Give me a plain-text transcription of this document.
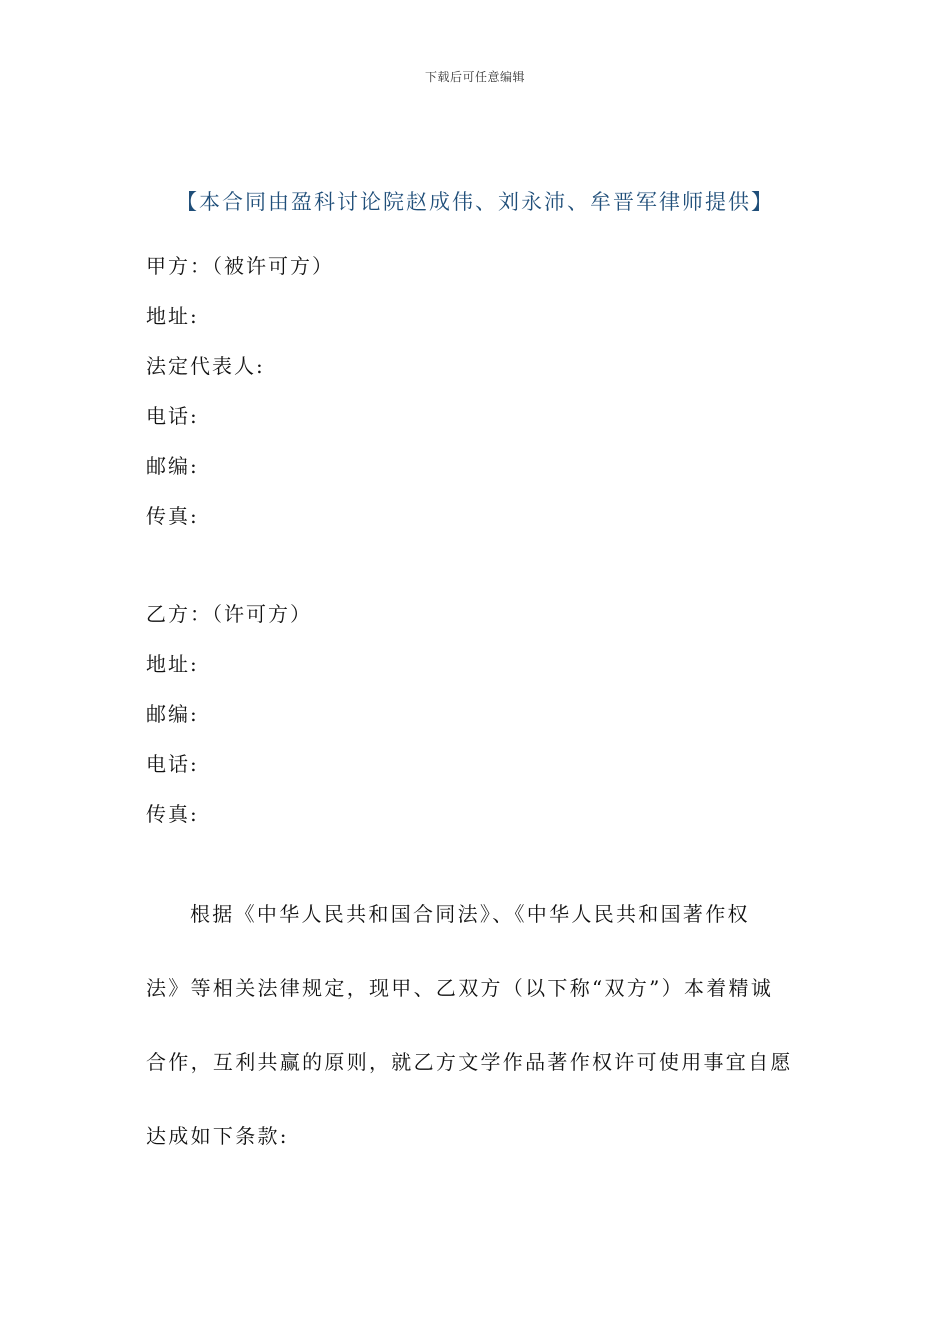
下载后可任意编辑
【本合同由盈科讨论院赵成伟、刘永沛、牟晋军律师提供】
甲方：（被许可方）
地址:
法定代表人:
电话:
邮编:
传真:
乙方：（许可方）
地址:
邮编:
电话:
传真:
根据《中华人民共和国合同法》、《中华人民共和国著作权
法》等相关法律规定，现甲、乙双方（以下称“双方”）本着精诚
合作，互利共赢的原则，就乙方文学作品著作权许可使用事宜自愿
达成如下条款:
